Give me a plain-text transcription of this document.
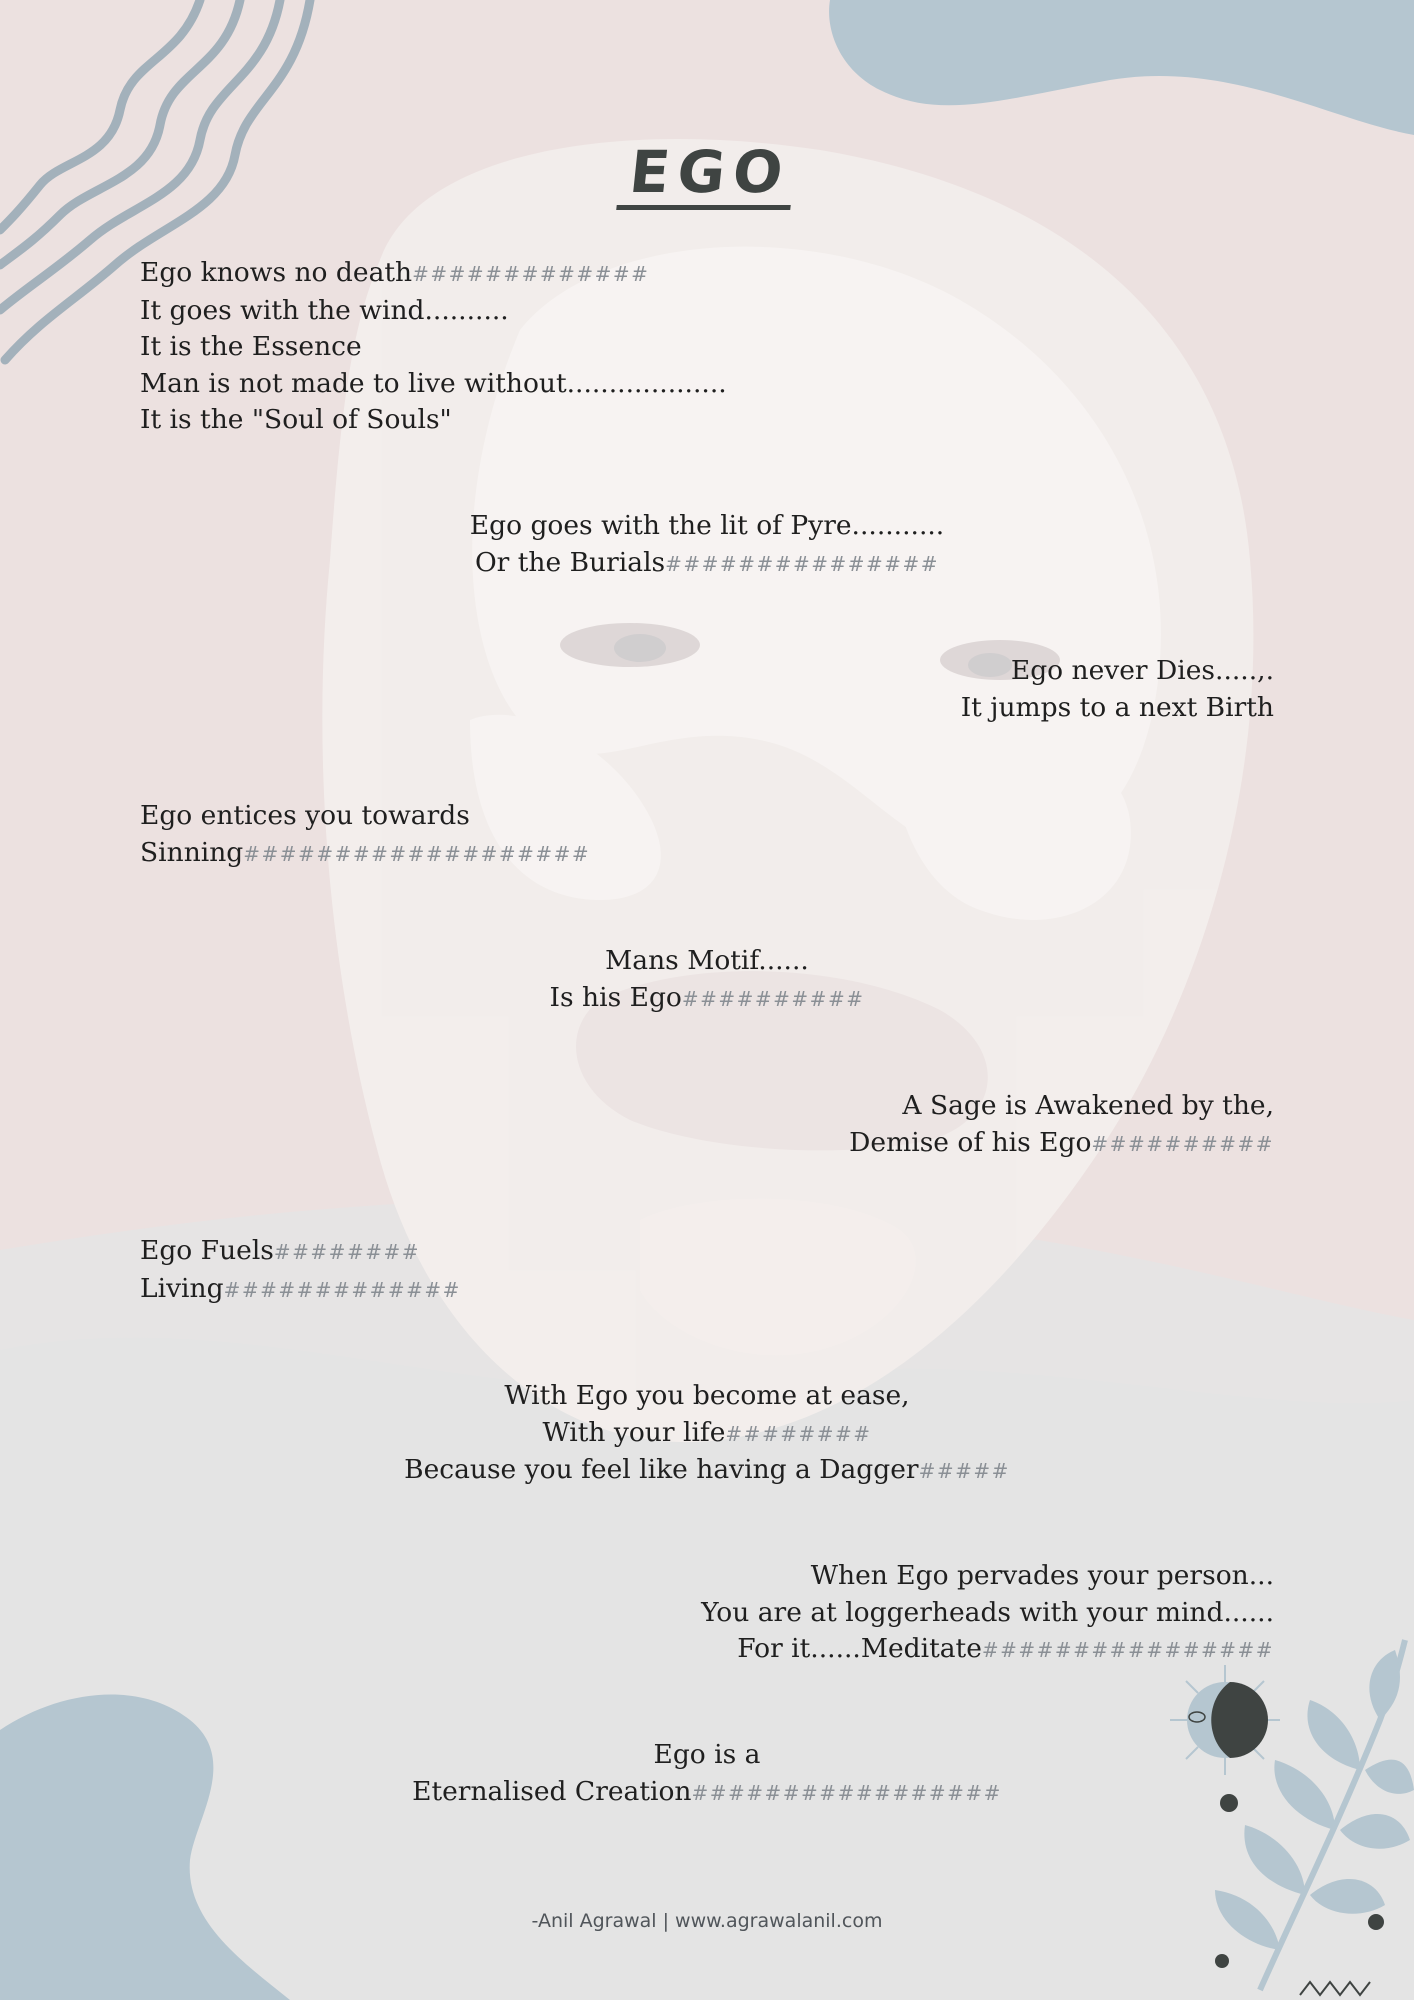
EGO
Ego knows no death#############
It goes with the wind..........
It is the Essence
Man is not made to live without...................
It is the "Soul of Souls"
Ego goes with the lit of Pyre...........
Or the Burials###############
Ego never Dies.....,.
It jumps to a next Birth
Ego entices you towards
Sinning###################
Mans Motif......
Is his Ego##########
A Sage is Awakened by the,
Demise of his Ego##########
Ego Fuels########
Living#############
With Ego you become at ease,
With your life########
Because you feel like having a Dagger#####
When Ego pervades your person...
You are at loggerheads with your mind......
For it......Meditate################
Ego is a
Eternalised Creation#################
-Anil Agrawal | www.agrawalanil.com
